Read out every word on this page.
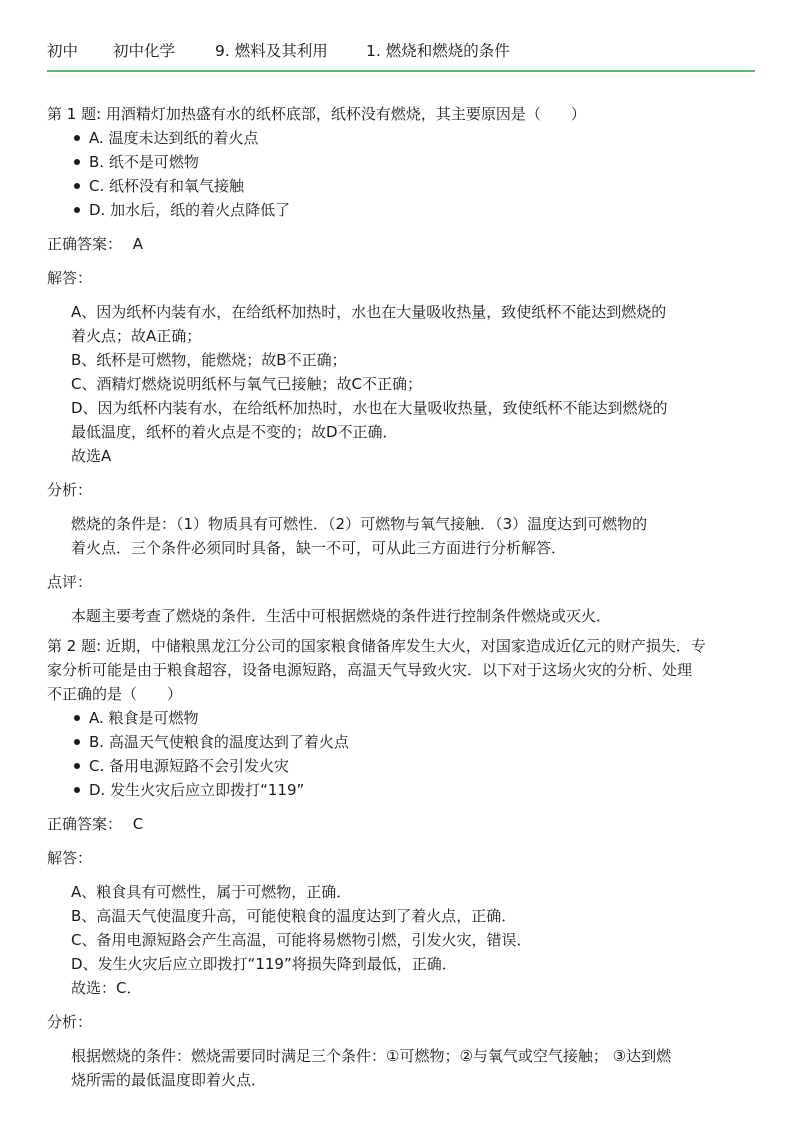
初中	初中化学	9. 燃料及其利用	1. 燃烧和燃烧的条件

第 1 题: 用酒精灯加热盛有水的纸杯底部，纸杯没有燃烧，其主要原因是（　　）

A. 温度未达到纸的着火点
B. 纸不是可燃物
C. 纸杯没有和氧气接触
D. 加水后，纸的着火点降低了

正确答案： A

解答：

A、因为纸杯内装有水，在给纸杯加热时，水也在大量吸收热量，致使纸杯不能达到燃烧的

着火点；故A正确；

B、纸杯是可燃物，能燃烧；故B不正确；

C、酒精灯燃烧说明纸杯与氧气已接触；故C不正确；

D、因为纸杯内装有水，在给纸杯加热时，水也在大量吸收热量，致使纸杯不能达到燃烧的

最低温度，纸杯的着火点是不变的；故D不正确．

故选A

分析：

燃烧的条件是：（1）物质具有可燃性．（2）可燃物与氧气接触．（3）温度达到可燃物的

着火点．三个条件必须同时具备，缺一不可，可从此三方面进行分析解答．

点评：

本题主要考查了燃烧的条件．生活中可根据燃烧的条件进行控制条件燃烧或灭火．

第 2 题: 近期，中储粮黑龙江分公司的国家粮食储备库发生大火，对国家造成近亿元的财产损失．专

家分析可能是由于粮食超容，设备电源短路，高温天气导致火灾．以下对于这场火灾的分析、处理

不正确的是（　　）

A. 粮食是可燃物
B. 高温天气使粮食的温度达到了着火点
C. 备用电源短路不会引发火灾
D. 发生火灾后应立即拨打“119”

正确答案： C

解答：

A、粮食具有可燃性，属于可燃物，正确．

B、高温天气使温度升高，可能使粮食的温度达到了着火点，正确．

C、备用电源短路会产生高温，可能将易燃物引燃，引发火灾，错误．

D、发生火灾后应立即拨打“119”将损失降到最低，正确．

故选：C．

分析：

根据燃烧的条件：燃烧需要同时满足三个条件：①可燃物；②与氧气或空气接触； ③达到燃

烧所需的最低温度即着火点．
